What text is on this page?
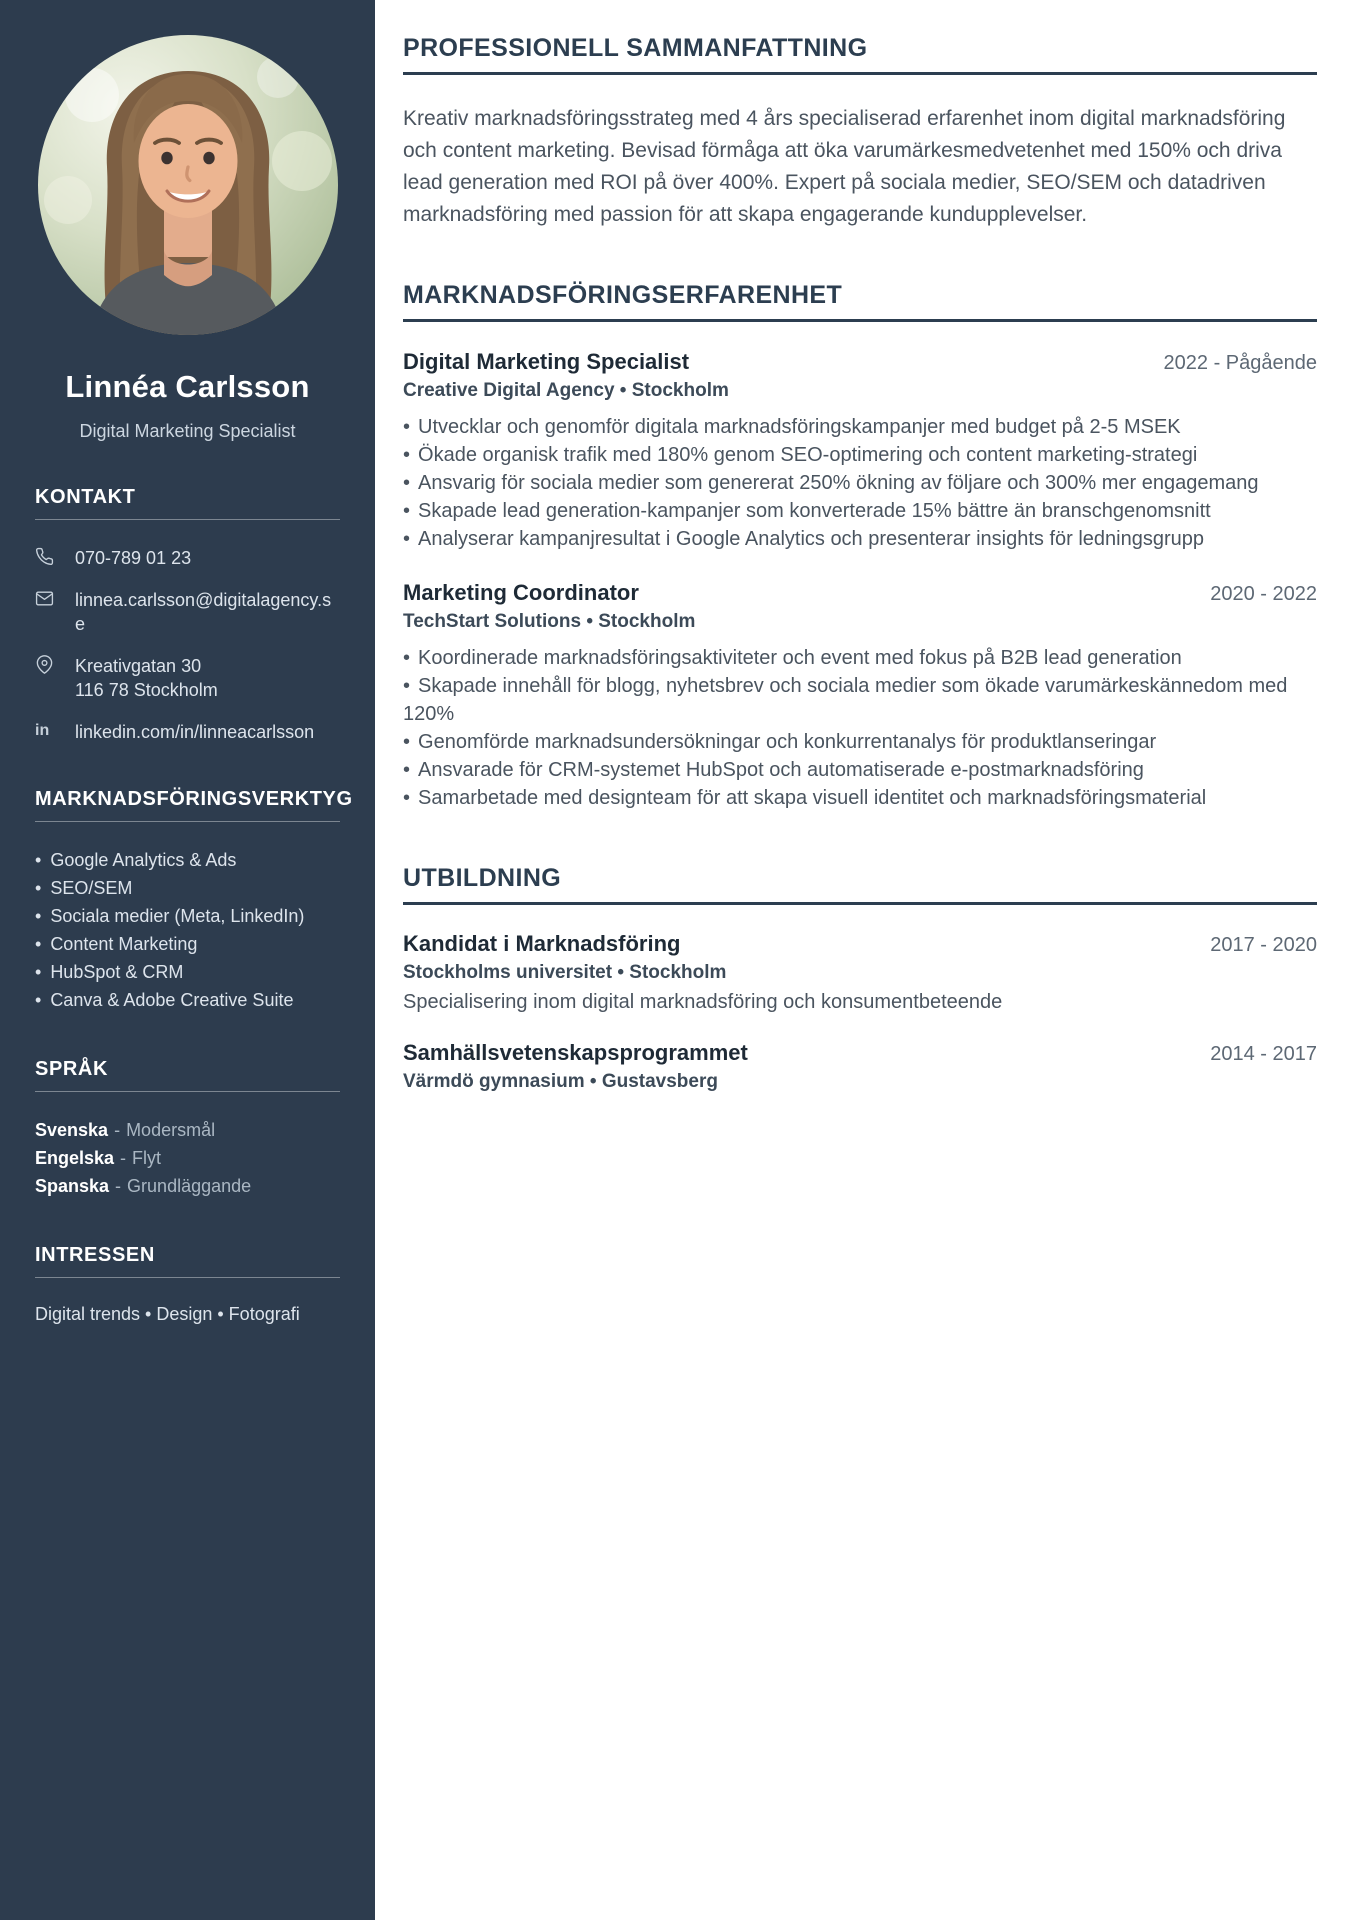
Linnéa Carlsson
Digital Marketing Specialist
KONTAKT
070-789 01 23
linnea.carlsson@digitalagency.se
Kreativgatan 30
116 78 Stockholm
in	linkedin.com/in/linneacarlsson
MARKNADSFÖRINGSVERKTYG
• Google Analytics & Ads
• SEO/SEM
• Sociala medier (Meta, LinkedIn)
• Content Marketing
• HubSpot & CRM
• Canva & Adobe Creative Suite
SPRÅK
Svenska - Modersmål
Engelska - Flyt
Spanska - Grundläggande
INTRESSEN
Digital trends • Design • Fotografi
PROFESSIONELL SAMMANFATTNING

Kreativ marknadsföringsstrateg med 4 års specialiserad erfarenhet inom digital marknadsföring och content marketing. Bevisad förmåga att öka varumärkesmedvetenhet med 150% och driva lead generation med ROI på över 400%. Expert på sociala medier, SEO/SEM och datadriven marknadsföring med passion för att skapa engagerande kundupplevelser.

MARKNADSFÖRINGSERFARENHET
Digital Marketing Specialist	2022 - Pågående
Creative Digital Agency • Stockholm
• Utvecklar och genomför digitala marknadsföringskampanjer med budget på 2-5 MSEK
• Ökade organisk trafik med 180% genom SEO-optimering och content marketing-strategi
• Ansvarig för sociala medier som genererat 250% ökning av följare och 300% mer engagemang
• Skapade lead generation-kampanjer som konverterade 15% bättre än branschgenomsnitt
• Analyserar kampanjresultat i Google Analytics och presenterar insights för ledningsgrupp
Marketing Coordinator	2020 - 2022
TechStart Solutions • Stockholm
• Koordinerade marknadsföringsaktiviteter och event med fokus på B2B lead generation
• Skapade innehåll för blogg, nyhetsbrev och sociala medier som ökade varumärkeskännedom med 120%
• Genomförde marknadsundersökningar och konkurrentanalys för produktlanseringar
• Ansvarade för CRM-systemet HubSpot och automatiserade e-postmarknadsföring
• Samarbetade med designteam för att skapa visuell identitet och marknadsföringsmaterial
UTBILDNING
Kandidat i Marknadsföring	2017 - 2020
Stockholms universitet • Stockholm
Specialisering inom digital marknadsföring och konsumentbeteende
Samhällsvetenskapsprogrammet	2014 - 2017
Värmdö gymnasium • Gustavsberg
